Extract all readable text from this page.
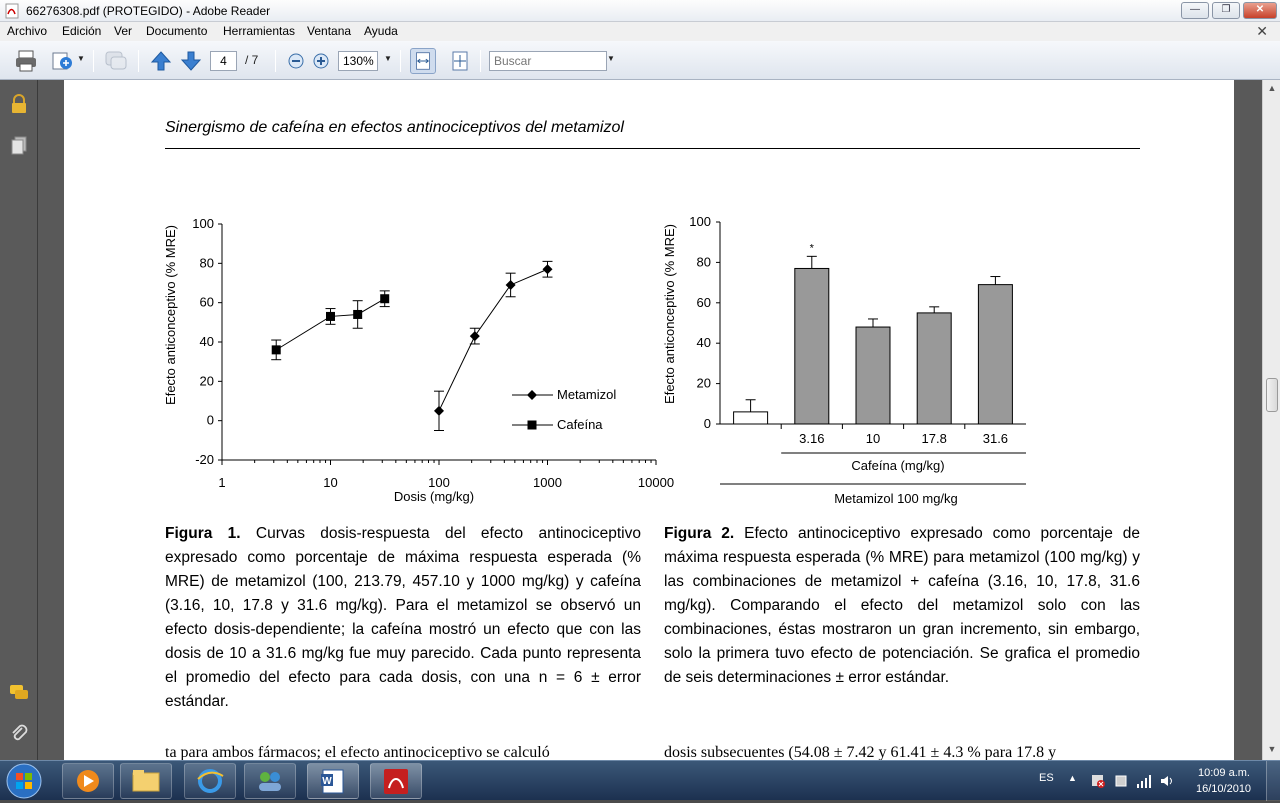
66276308.pdf (PROTEGIDO) - Adobe Reader	—	❐	✕
Archivo Edición Ver Documento Herramientas Ventana Ayuda	✕
▼	4	/ 7	130%	▼	Buscar	▼
Sinergismo de cafeína en efectos antinociceptivos del metamizol
Efecto anticonceptivo (% MRE)
Dosis (mg/kg)
100
80
60
40
20
0
-20
1	10	100	1000	10000
Metamizol
Cafeína
Efecto anticonceptivo (% MRE)
Cafeína (mg/kg)
Metamizol 100 mg/kg
100
80
60
40
20
0
*
3.16	10	17.8	31.6
Figura 1. Curvas dosis-respuesta del efecto antinociceptivo expresado como porcentaje de máxima respuesta esperada (% MRE) de metamizol (100, 213.79, 457.10 y 1000 mg/kg) y cafeína (3.16, 10, 17.8 y 31.6 mg/kg). Para el metamizol se observó un efecto dosis-dependiente; la cafeína mostró un efecto que con las dosis de 10 a 31.6 mg/kg fue muy parecido. Cada punto representa el promedio del efecto para cada dosis, con una n = 6 ± error estándar.
Figura 2. Efecto antinociceptivo expresado como porcentaje de máxima respuesta esperada (% MRE) para metamizol (100 mg/kg) y las combinaciones de metamizol + cafeína (3.16, 10, 17.8, 31.6 mg/kg). Comparando el efecto del metamizol solo con las combinaciones, éstas mostraron un gran incremento, sin embargo, solo la primera tuvo efecto de potenciación. Se grafica el promedio de seis determinaciones ± error estándar.
ta para ambos fármacos; el efecto antinociceptivo se calculó	dosis subsecuentes (54.08 ± 7.42 y 61.41 ± 4.3 % para 17.8 y
▲
▼
W	ES ▲	10:09 a.m.
16/10/2010
